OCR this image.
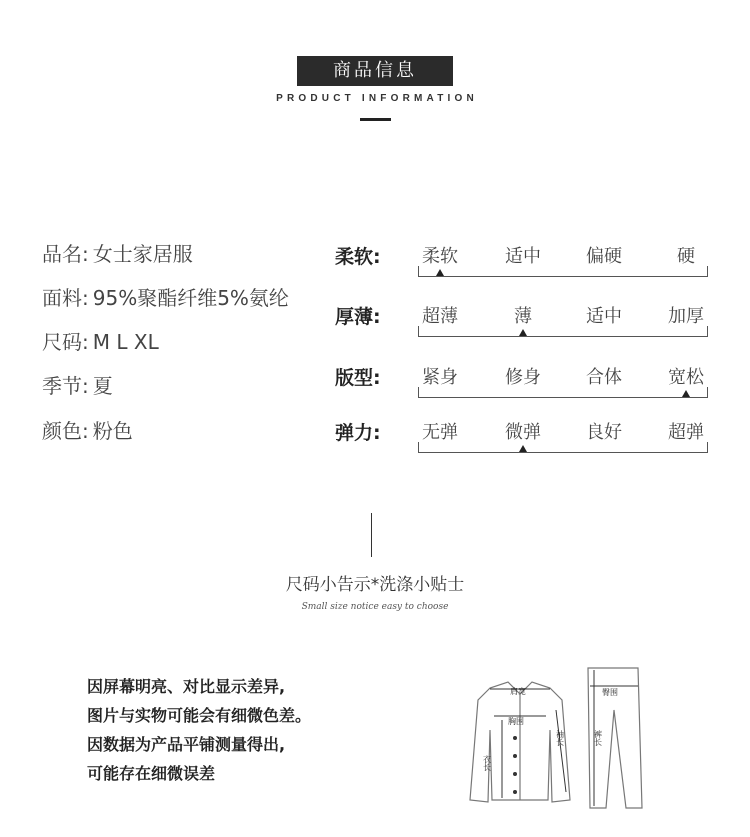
商品信息
PRODUCT INFORMATION
品名: 女士家居服
面料: 95%聚酯纤维5%氨纶
尺码: M L XL
季节: 夏
颜色: 粉色
柔软:	柔软	适中	偏硬	硬
厚薄:	超薄	薄	适中	加厚
版型:	紧身	修身	合体	宽松
弹力:	无弹	微弹	良好	超弹
尺码小告示*洗涤小贴士
Small size notice easy to choose
因屏幕明亮、对比显示差异,
图片与实物可能会有细微色差。
因数据为产品平铺测量得出,
可能存在细微误差
肩宽
胸围
衣长
袖长
臀围
裤长
